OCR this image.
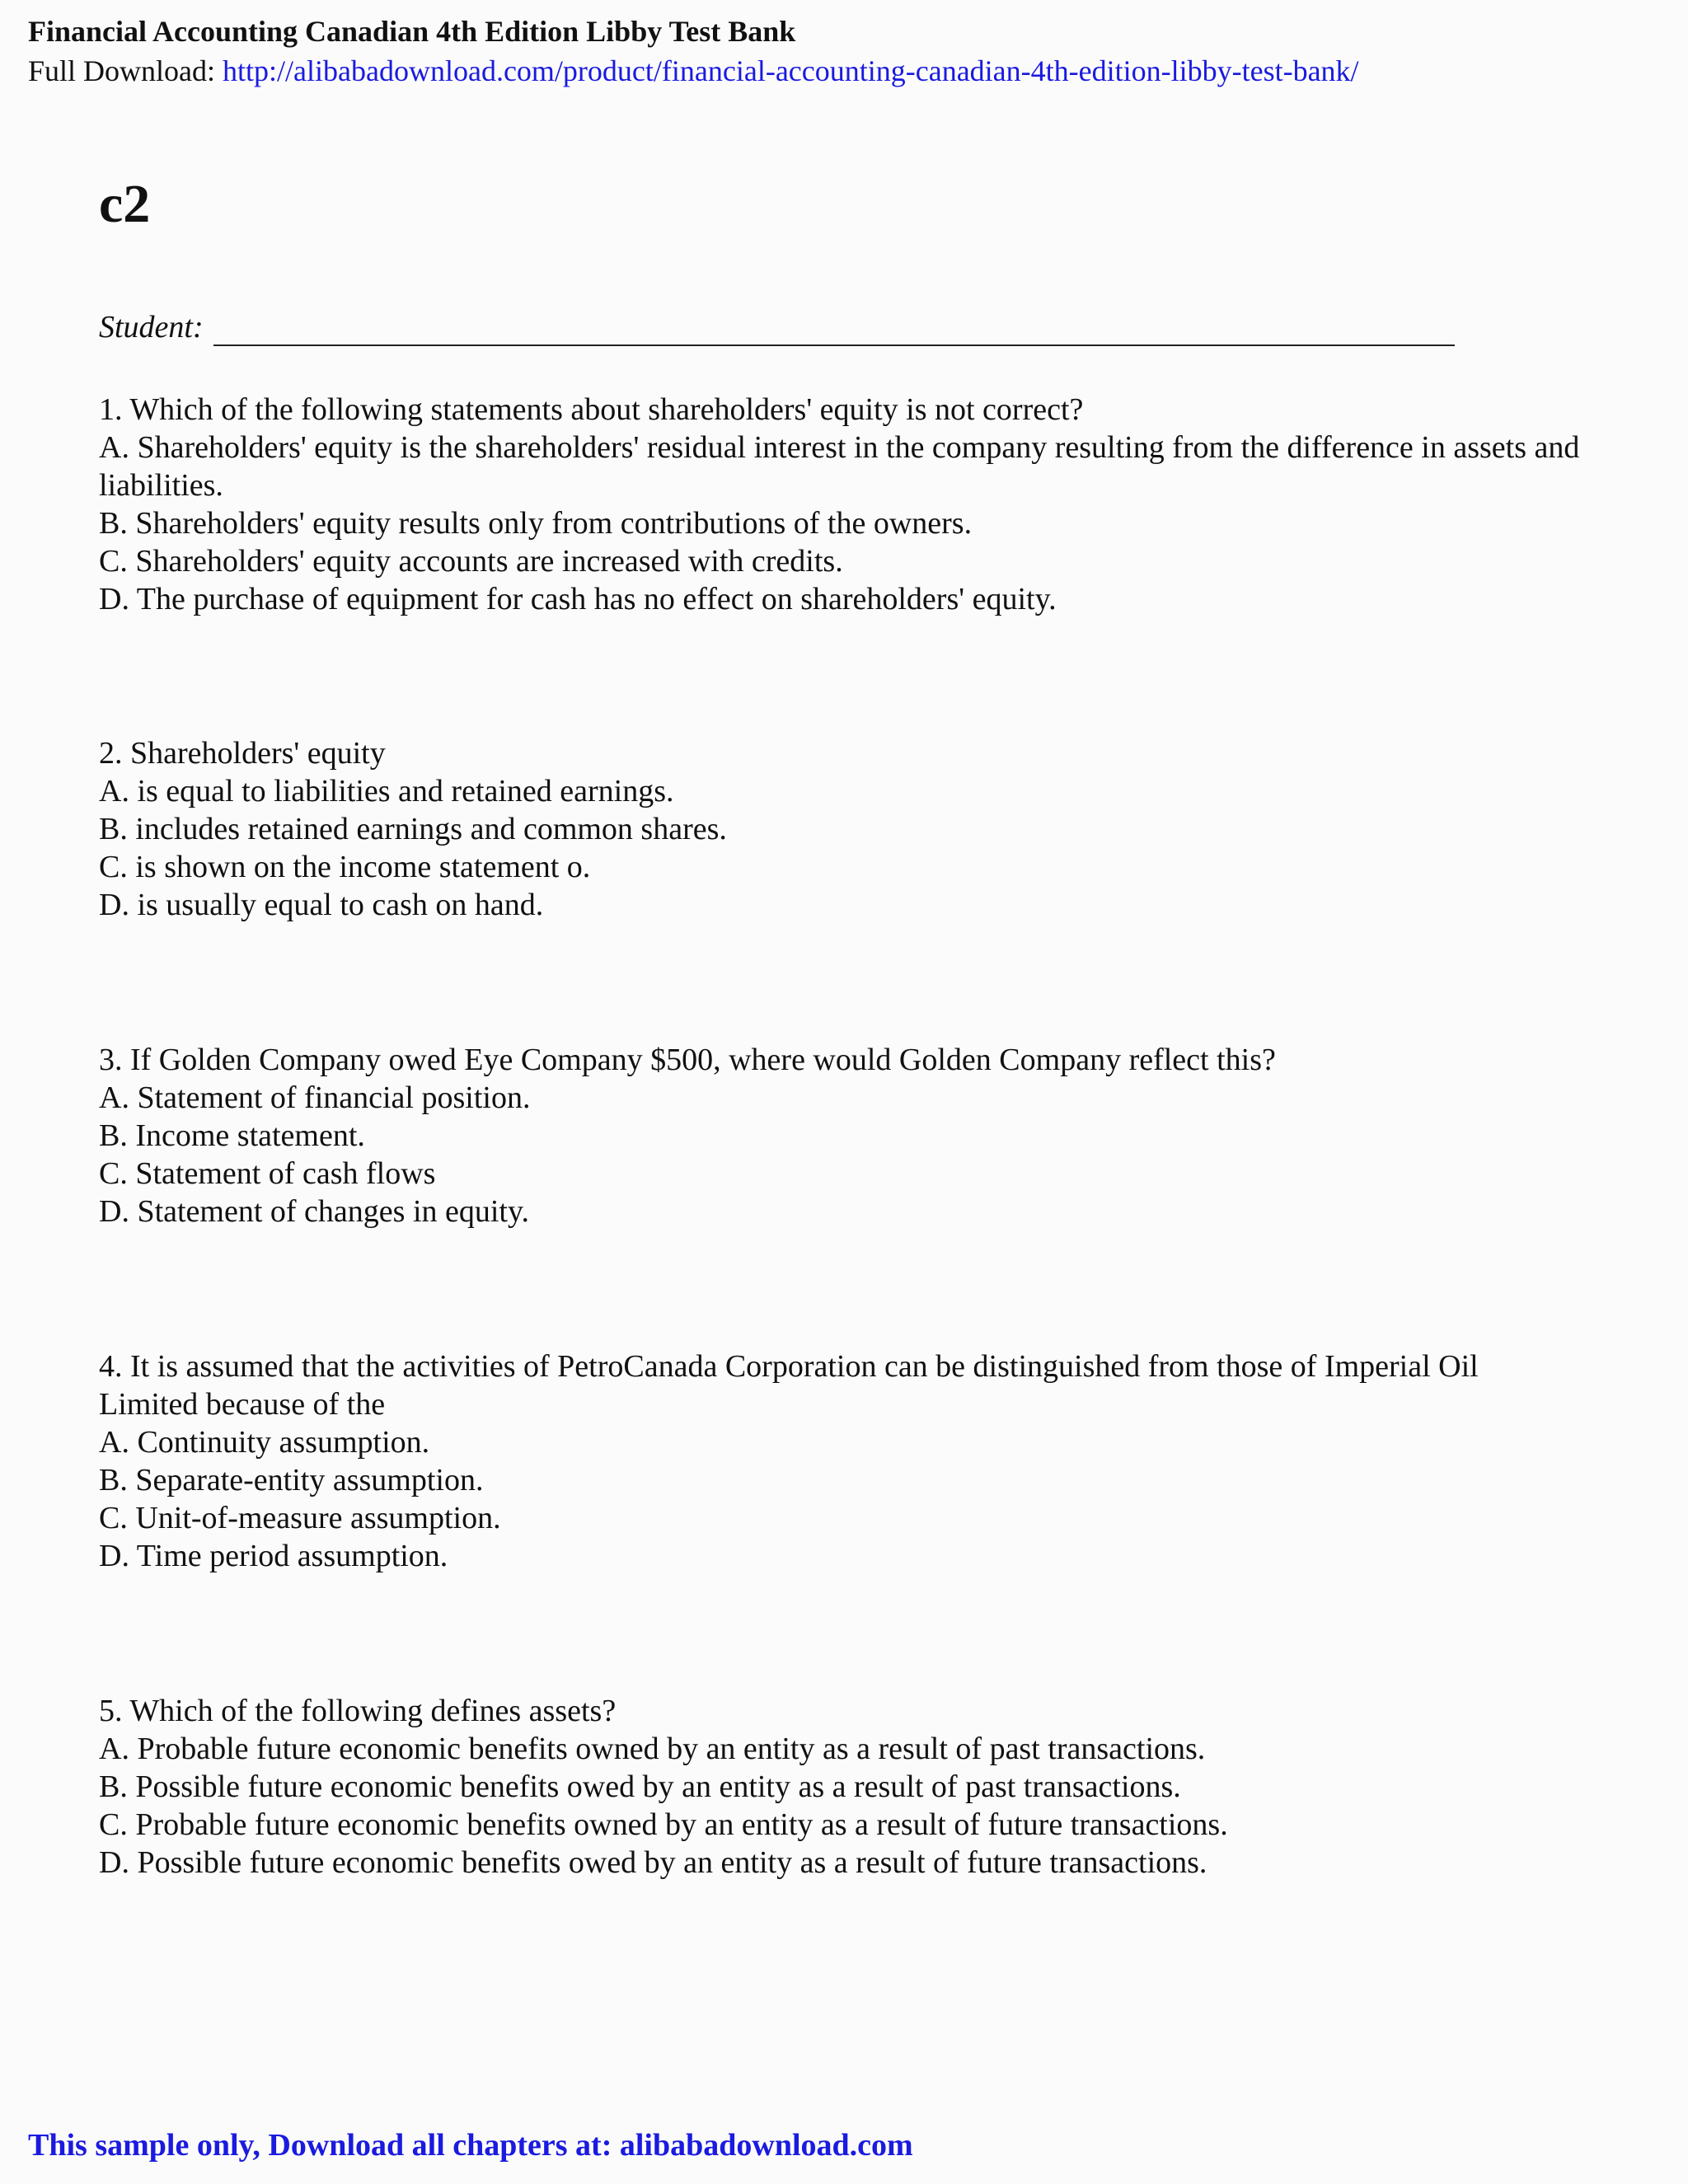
Financial Accounting Canadian 4th Edition Libby Test Bank
Full Download: http://alibabadownload.com/product/financial-accounting-canadian-4th-edition-libby-test-bank/
c2
Student:

1. Which of the following statements about shareholders' equity is not correct?

A. Shareholders' equity is the shareholders' residual interest in the company resulting from the difference in assets and liabilities.

B. Shareholders' equity results only from contributions of the owners.

C. Shareholders' equity accounts are increased with credits.

D. The purchase of equipment for cash has no effect on shareholders' equity.

2. Shareholders' equity

A. is equal to liabilities and retained earnings.

B. includes retained earnings and common shares.

C. is shown on the income statement o.

D. is usually equal to cash on hand.

3. If Golden Company owed Eye Company $500, where would Golden Company reflect this?

A. Statement of financial position.

B. Income statement.

C. Statement of cash flows

D. Statement of changes in equity.

4. It is assumed that the activities of PetroCanada Corporation can be distinguished from those of Imperial Oil Limited because of the

A. Continuity assumption.

B. Separate-entity assumption.

C. Unit-of-measure assumption.

D. Time period assumption.

5. Which of the following defines assets?

A. Probable future economic benefits owned by an entity as a result of past transactions.

B. Possible future economic benefits owed by an entity as a result of past transactions.

C. Probable future economic benefits owned by an entity as a result of future transactions.

D. Possible future economic benefits owed by an entity as a result of future transactions.

This sample only, Download all chapters at: alibabadownload.com
